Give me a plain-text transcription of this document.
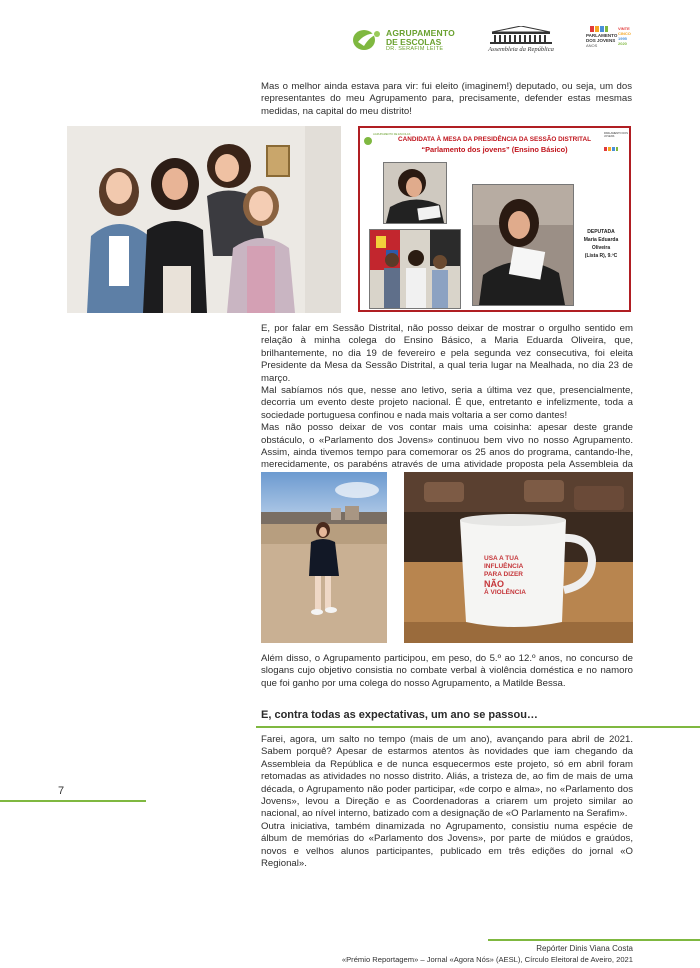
AGRUPAMENTO
DE ESCOLAS
DR. SERAFIM LEITE	Assembleia da República
PARLAMENTO
DOS JOVENS
ANOS
VINTE
CINCO
1995
2020

Mas o melhor ainda estava para vir: fui eleito (imaginem!) deputado, ou seja, um dos representantes do meu Agrupamento para, precisamente, defender estas mesmas medidas, na capital do meu distrito!

AGRUPAMENTO DE ESCOLAS	PARLAMENTO DOS JOVENS
CANDIDATA À MESA DA PRESIDÊNCIA DA SESSÃO DISTRITAL
“Parlamento dos jovens” (Ensino Básico)
DEPUTADA
Maria Eduarda
Oliveira
(Lista R), 9.ºC

E, por falar em Sessão Distrital, não posso deixar de mostrar o orgulho sentido em relação à minha colega do Ensino Básico, a Maria Eduarda Oliveira, que, brilhantemente, no dia 19 de fevereiro e pela segunda vez consecutiva, foi eleita Presidente da Mesa da Sessão Distrital, a qual teria lugar na Mealhada, no dia 23 de março.

Mal sabíamos nós que, nesse ano letivo, seria a última vez que, presencialmente, decorria um evento deste projeto nacional. É que, entretanto e infelizmente, toda a sociedade portuguesa confinou e nada mais voltaria a ser como dantes!

Mas não posso deixar de vos contar mais uma coisinha: apesar deste grande obstáculo, o «Parlamento dos Jovens» continuou bem vivo no nosso Agrupamento. Assim, ainda tivemos tempo para comemorar os 25 anos do programa, cantando-lhe, merecidamente, os parabéns através de uma atividade proposta pela Assembleia da

USA A TUA
INFLUÊNCIA
PARA DIZER
NÃO
À VIOLÊNCIA

Além disso, o Agrupamento participou, em peso, do 5.º ao 12.º anos, no concurso de slogans cujo objetivo consistia no combate verbal à violência doméstica e no namoro que foi ganho por uma colega do nosso Agrupamento, a Matilde Bessa.

E, contra todas as expectativas, um ano se passou…

Farei, agora, um salto no tempo (mais de um ano), avançando para abril de 2021. Sabem porquê? Apesar de estarmos atentos às novidades que iam chegando da Assembleia da República e de nunca esquecermos este projeto, só em abril foram retomadas as atividades no nosso distrito. Aliás, a tristeza de, ao fim de mais de uma década, o Agrupamento não poder participar, «de corpo e alma», no «Parlamento dos Jovens», levou a Direção e as Coordenadoras a criarem um projeto similar ao nacional, ao nível interno, batizado com a designação de «O Parlamento na Serafim».

Outra iniciativa, também dinamizada no Agrupamento, consistiu numa espécie de álbum de memórias do «Parlamento dos Jovens», por parte de miúdos e graúdos, novos e velhos alunos participantes, publicado em três edições do jornal «O Regional».

7
Repórter Dinis Viana Costa
«Prémio Reportagem» – Jornal «Agora Nós» (AESL), Círculo Eleitoral de Aveiro, 2021
